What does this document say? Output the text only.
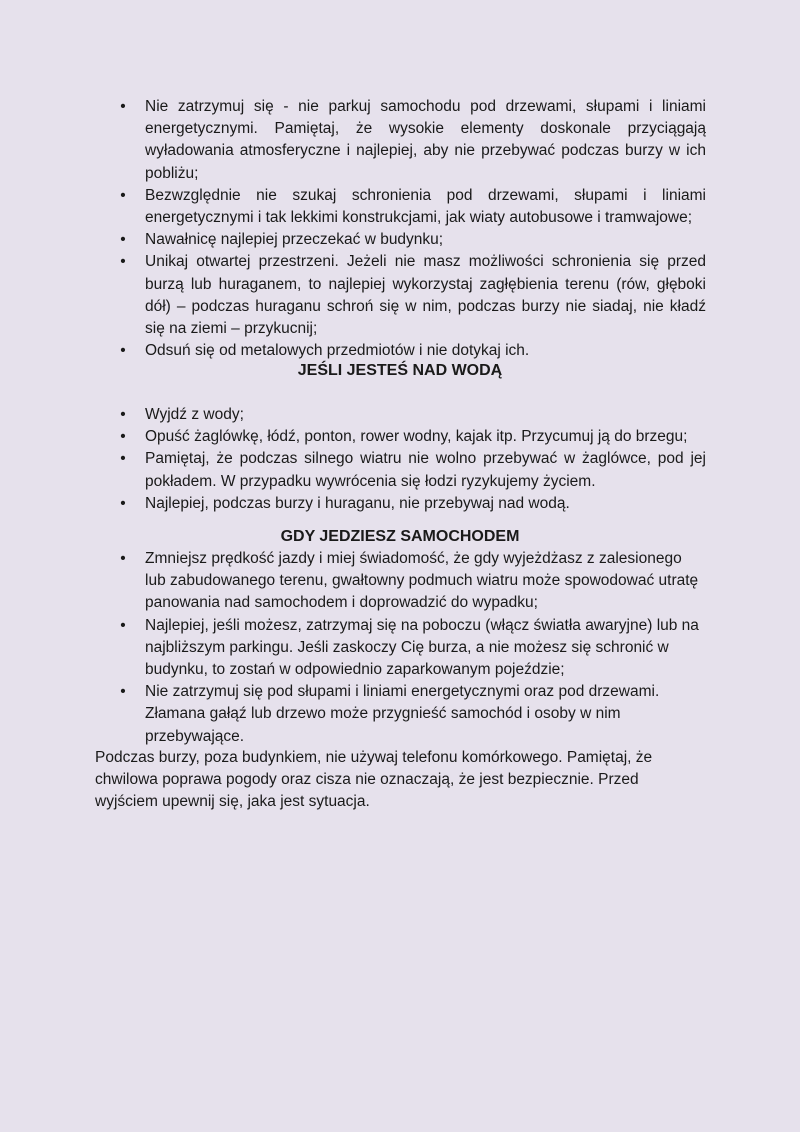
• Nie zatrzymuj się - nie parkuj samochodu pod drzewami, słupami i liniami energetycznymi. Pamiętaj, że wysokie elementy doskonale przyciągają wyładowania atmosferyczne i najlepiej, aby nie przebywać podczas burzy w ich pobliżu;
• Bezwzględnie nie szukaj schronienia pod drzewami, słupami i liniami energetycznymi i tak lekkimi konstrukcjami, jak wiaty autobusowe i tramwajowe;
• Nawałnicę najlepiej przeczekać w budynku;
• Unikaj otwartej przestrzeni. Jeżeli nie masz możliwości schronienia się przed burzą lub huraganem, to najlepiej wykorzystaj zagłębienia terenu (rów, głęboki dół) – podczas huraganu schroń się w nim, podczas burzy nie siadaj, nie kładź się na ziemi – przykucnij;
• Odsuń się od metalowych przedmiotów i nie dotykaj ich.
JEŚLI JESTEŚ NAD WODĄ
• Wyjdź z wody;
• Opuść żaglówkę, łódź, ponton, rower wodny, kajak itp. Przycumuj ją do brzegu;
• Pamiętaj, że podczas silnego wiatru nie wolno przebywać w żaglówce, pod jej pokładem. W przypadku wywrócenia się łodzi ryzykujemy życiem.
• Najlepiej, podczas burzy i huraganu, nie przebywaj nad wodą.
GDY JEDZIESZ SAMOCHODEM
• Zmniejsz prędkość jazdy i miej świadomość, że gdy wyjeżdżasz z zalesionego lub zabudowanego terenu, gwałtowny podmuch wiatru może spowodować utratę panowania nad samochodem i doprowadzić do wypadku;
• Najlepiej, jeśli możesz, zatrzymaj się na poboczu (włącz światła awaryjne) lub na najbliższym parkingu. Jeśli zaskoczy Cię burza, a nie możesz się schronić w budynku, to zostań w odpowiednio zaparkowanym pojeździe;
• Nie zatrzymuj się pod słupami i liniami energetycznymi oraz pod drzewami. Złamana gałąź lub drzewo może przygnieść samochód i osoby w nim przebywające.
Podczas burzy, poza budynkiem, nie używaj telefonu komórkowego. Pamiętaj, że chwilowa poprawa pogody oraz cisza nie oznaczają, że jest bezpiecznie. Przed wyjściem upewnij się, jaka jest sytuacja.
